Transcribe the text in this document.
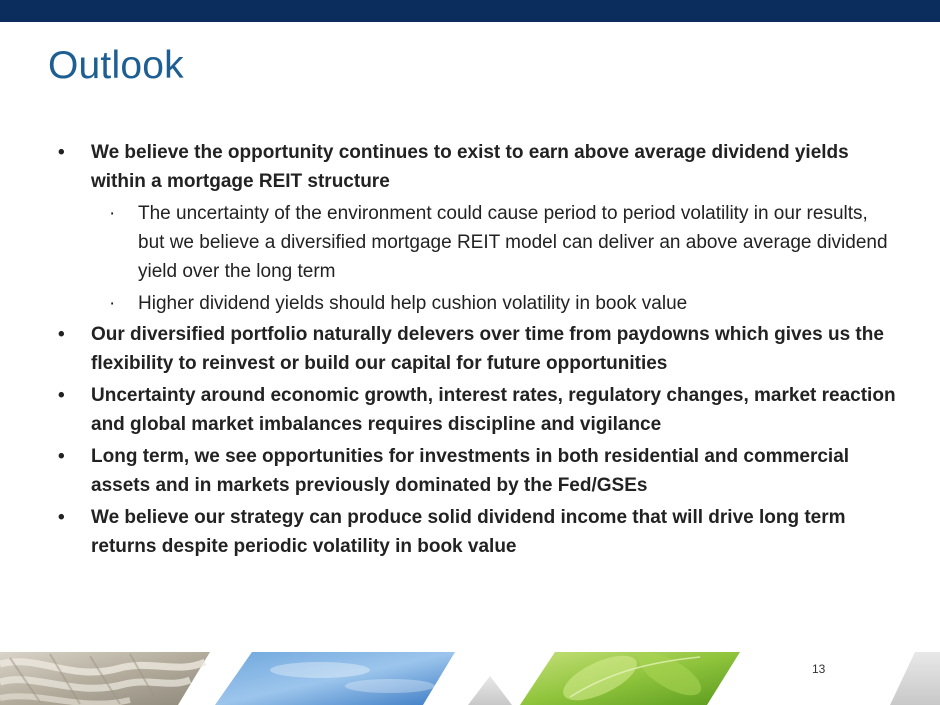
Outlook
• We believe the opportunity continues to exist to earn above average dividend yields within a mortgage REIT structure
· The uncertainty of the environment could cause period to period volatility in our results, but we believe a diversified mortgage REIT model can deliver an above average dividend yield over the long term
· Higher dividend yields should help cushion volatility in book value
• Our diversified portfolio naturally delevers over time from paydowns which gives us the flexibility to reinvest or build our capital for future opportunities
• Uncertainty around economic growth, interest rates, regulatory changes, market reaction and global market imbalances requires discipline and vigilance
• Long term, we see opportunities for investments in both residential and commercial assets and in markets previously dominated by the Fed/GSEs
• We believe our strategy can produce solid dividend income that will drive long term returns despite periodic volatility in book value
13
